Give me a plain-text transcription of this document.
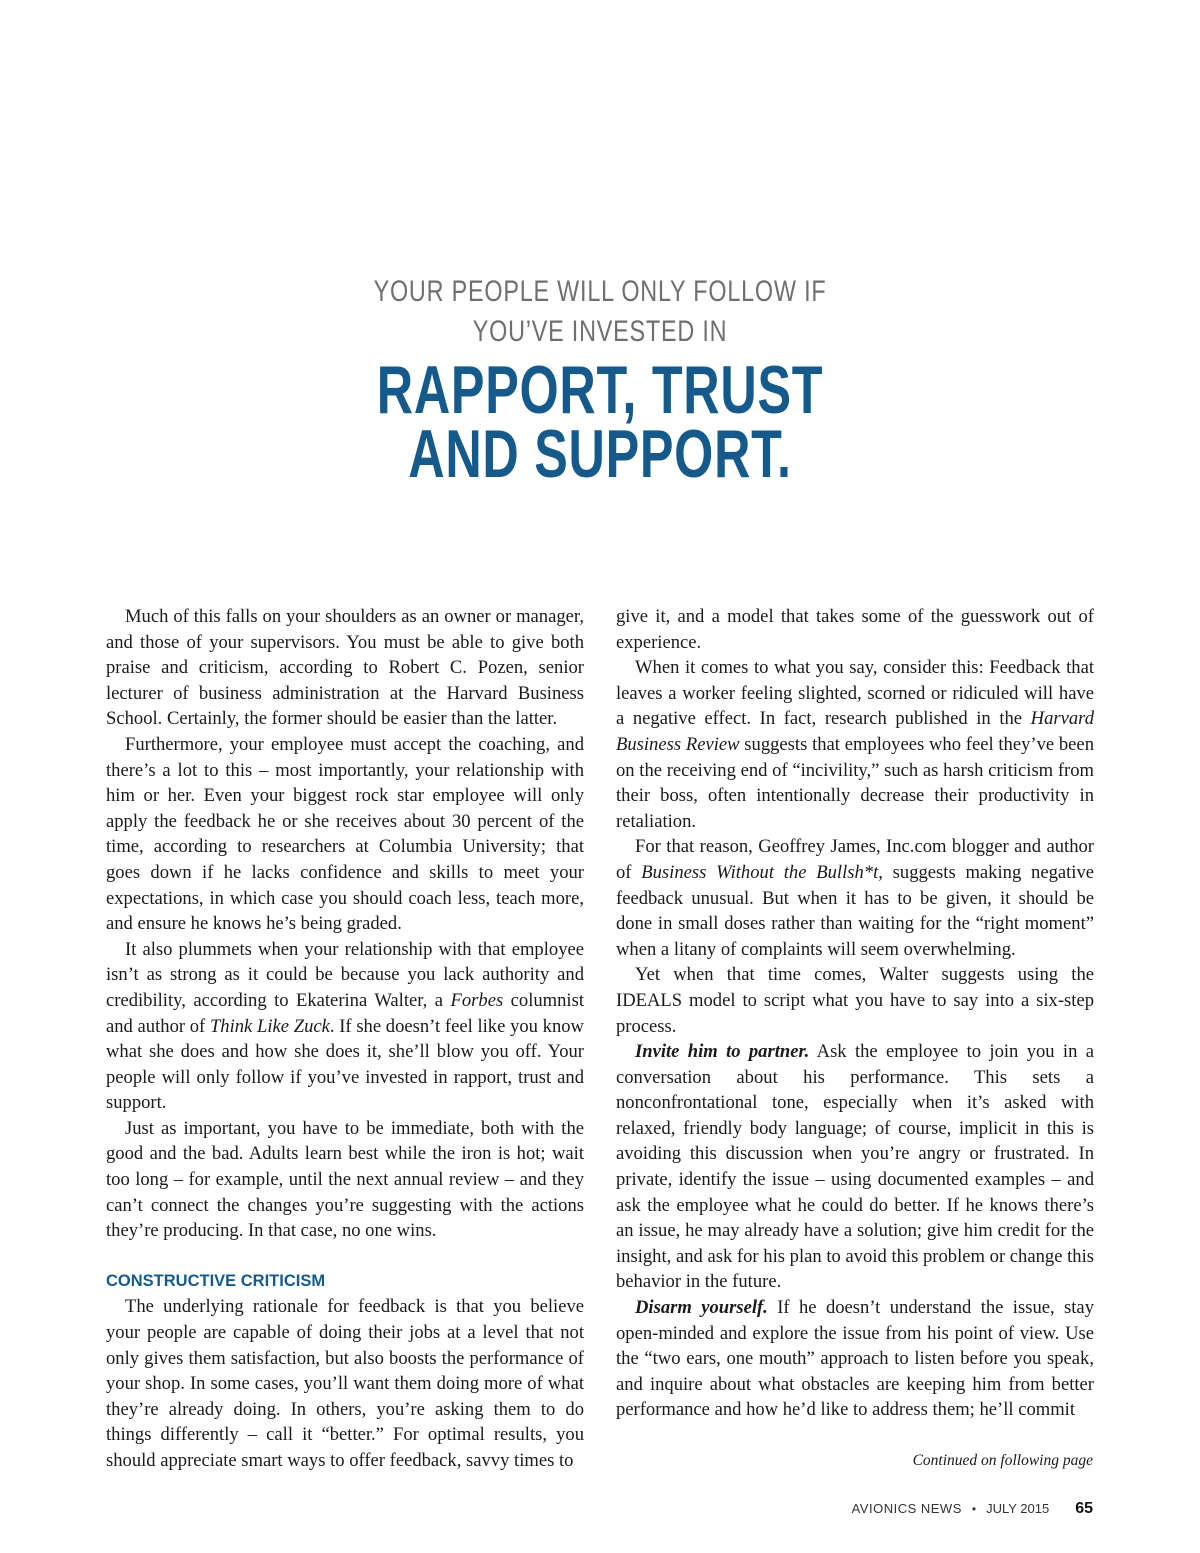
YOUR PEOPLE WILL ONLY FOLLOW IF
YOU’VE INVESTED IN
RAPPORT, TRUST
AND SUPPORT.

Much of this falls on your shoulders as an owner or manager, and those of your supervisors. You must be able to give both praise and criticism, according to Robert C. Pozen, senior lecturer of business administration at the Harvard Business School. Certainly, the former should be easier than the latter.

Furthermore, your employee must accept the coaching, and there’s a lot to this – most importantly, your relationship with him or her. Even your biggest rock star employee will only apply the feedback he or she receives about 30 percent of the time, according to researchers at Columbia University; that goes down if he lacks confidence and skills to meet your expectations, in which case you should coach less, teach more, and ensure he knows he’s being graded.

It also plummets when your relationship with that employee isn’t as strong as it could be because you lack authority and credibility, according to Ekaterina Walter, a Forbes columnist and author of Think Like Zuck. If she doesn’t feel like you know what she does and how she does it, she’ll blow you off. Your people will only follow if you’ve invested in rapport, trust and support.

Just as important, you have to be immediate, both with the good and the bad. Adults learn best while the iron is hot; wait too long – for example, until the next annual review – and they can’t connect the changes you’re suggesting with the actions they’re producing. In that case, no one wins.

CONSTRUCTIVE CRITICISM

The underlying rationale for feedback is that you believe your people are capable of doing their jobs at a level that not only gives them satisfaction, but also boosts the performance of your shop. In some cases, you’ll want them doing more of what they’re already doing. In others, you’re asking them to do things differently – call it “better.” For optimal results, you should appreciate smart ways to offer feedback, savvy times to

give it, and a model that takes some of the guesswork out of experience.

When it comes to what you say, consider this: Feedback that leaves a worker feeling slighted, scorned or ridiculed will have a negative effect. In fact, research published in the Harvard Business Review suggests that employees who feel they’ve been on the receiving end of “incivility,” such as harsh criticism from their boss, often intentionally decrease their productivity in retaliation.

For that reason, Geoffrey James, Inc.com blogger and author of Business Without the Bullsh*t, suggests making negative feedback unusual. But when it has to be given, it should be done in small doses rather than waiting for the “right moment” when a litany of complaints will seem overwhelming.

Yet when that time comes, Walter suggests using the IDEALS model to script what you have to say into a six-step process.

Invite him to partner. Ask the employee to join you in a conversation about his performance. This sets a nonconfrontational tone, especially when it’s asked with relaxed, friendly body language; of course, implicit in this is avoiding this discussion when you’re angry or frustrated. In private, identify the issue – using documented examples – and ask the employee what he could do better. If he knows there’s an issue, he may already have a solution; give him credit for the insight, and ask for his plan to avoid this problem or change this behavior in the future.

Disarm yourself. If he doesn’t understand the issue, stay open-minded and explore the issue from his point of view. Use the “two ears, one mouth” approach to listen before you speak, and inquire about what obstacles are keeping him from better performance and how he’d like to address them; he’ll commit

Continued on following page
AVIONICS NEWS • JULY 2015 65
